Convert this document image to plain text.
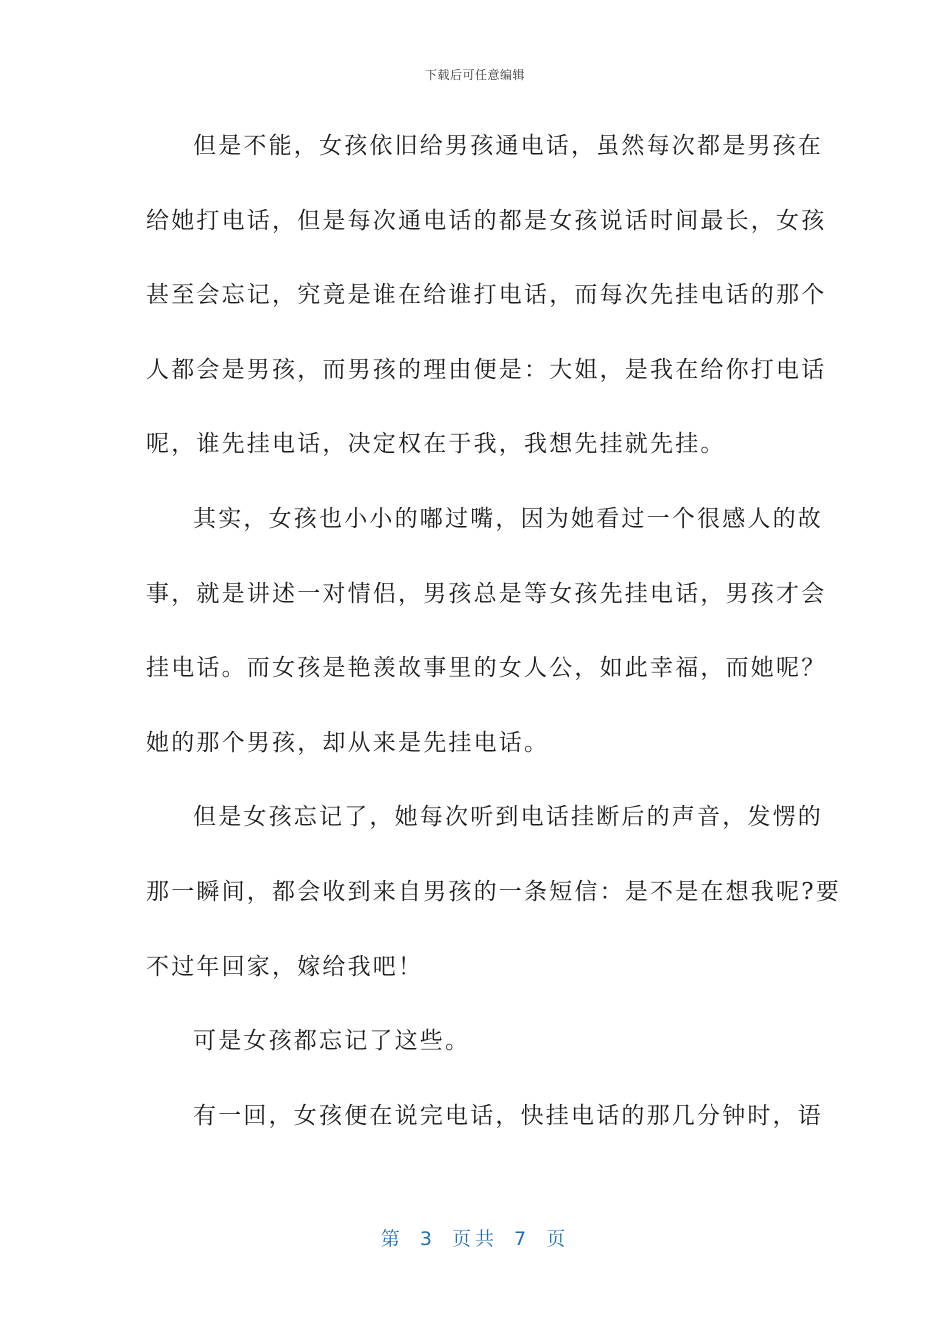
下载后可任意编辑
但是不能，女孩依旧给男孩通电话，虽然每次都是男孩在
给她打电话，但是每次通电话的都是女孩说话时间最长，女孩
甚至会忘记，究竟是谁在给谁打电话，而每次先挂电话的那个
人都会是男孩，而男孩的理由便是：大姐，是我在给你打电话
呢，谁先挂电话，决定权在于我，我想先挂就先挂。
其实，女孩也小小的嘟过嘴，因为她看过一个很感人的故
事，就是讲述一对情侣，男孩总是等女孩先挂电话，男孩才会
挂电话。而女孩是艳羡故事里的女人公，如此幸福，而她呢？
她的那个男孩，却从来是先挂电话。
但是女孩忘记了，她每次听到电话挂断后的声音，发愣的
那一瞬间，都会收到来自男孩的一条短信：是不是在想我呢?要
不过年回家，嫁给我吧！
可是女孩都忘记了这些。
有一回，女孩便在说完电话，快挂电话的那几分钟时，语
第 3 页共 7 页
